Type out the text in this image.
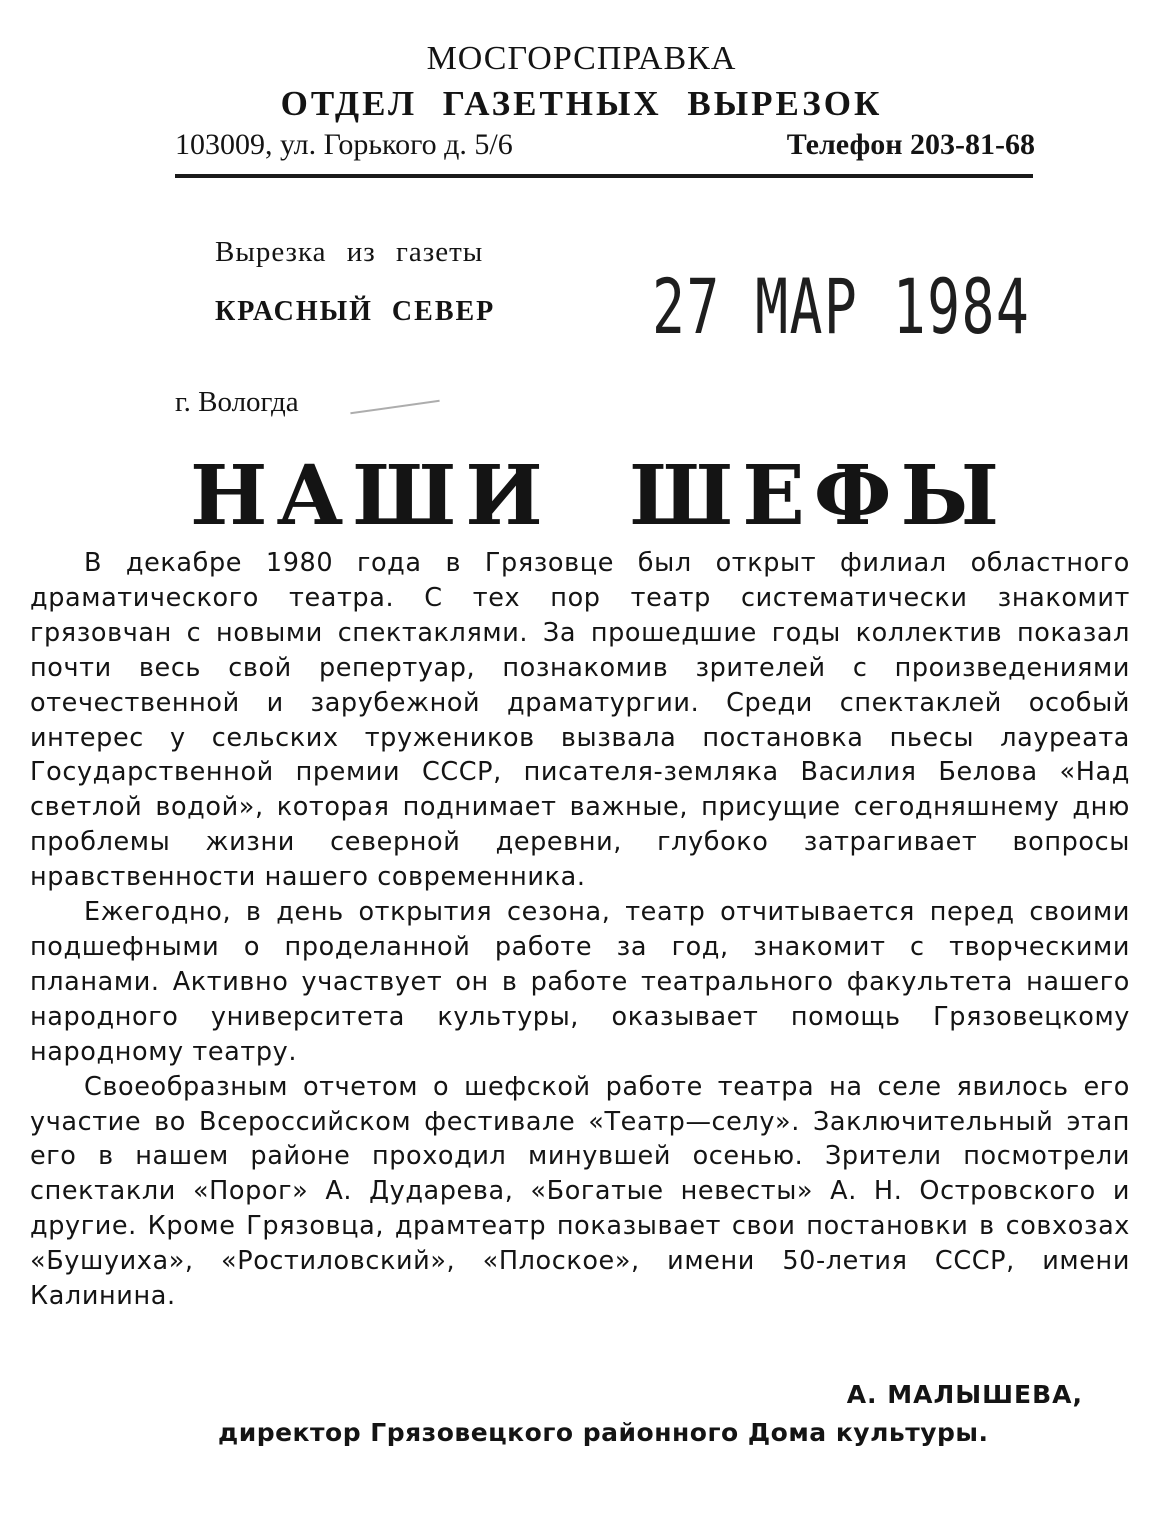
МОСГОРСПРАВКА
ОТДЕЛ ГАЗЕТНЫХ ВЫРЕЗОК
103009, ул. Горького д. 5/6	Телефон 203-81-68
Вырезка из газеты
КРАСНЫЙ СЕВЕР 27 МАР 1984
г. Вологда
НАШИ ШЕФЫ

В декабре 1980 года в Грязовце был открыт филиал областного драматического театра. С тех пор театр систематически знакомит грязовчан с новыми спектаклями. За прошедшие годы коллектив показал почти весь свой репертуар, познакомив зрителей с произведениями отечественной и зарубежной драматургии. Среди спектаклей особый интерес у сельских тружеников вызвала постановка пьесы лауреата Государственной премии СССР, писателя-земляка Василия Белова «Над светлой водой», которая поднимает важные, присущие сегодняшнему дню проблемы жизни северной деревни, глубоко затрагивает вопросы нравственности нашего современника.

Ежегодно, в день открытия сезона, театр отчитывается перед своими подшефными о проделанной работе за год, знакомит с творческими планами. Активно участвует он в работе театрального факультета нашего народного университета культуры, оказывает помощь Грязовецкому народному театру.

Своеобразным отчетом о шефской работе театра на селе явилось его участие во Всероссийском фестивале «Театр—селу». Заключительный этап его в нашем районе проходил минувшей осенью. Зрители посмотрели спектакли «Порог» А. Дударева, «Богатые невесты» А. Н. Островского и другие. Кроме Грязовца, драмтеатр показывает свои постановки в совхозах «Бушуиха», «Ростиловский», «Плоское», имени 50-летия СССР, имени Калинина.

А. МАЛЫШЕВА,
директор Грязовецкого районного Дома культуры.
